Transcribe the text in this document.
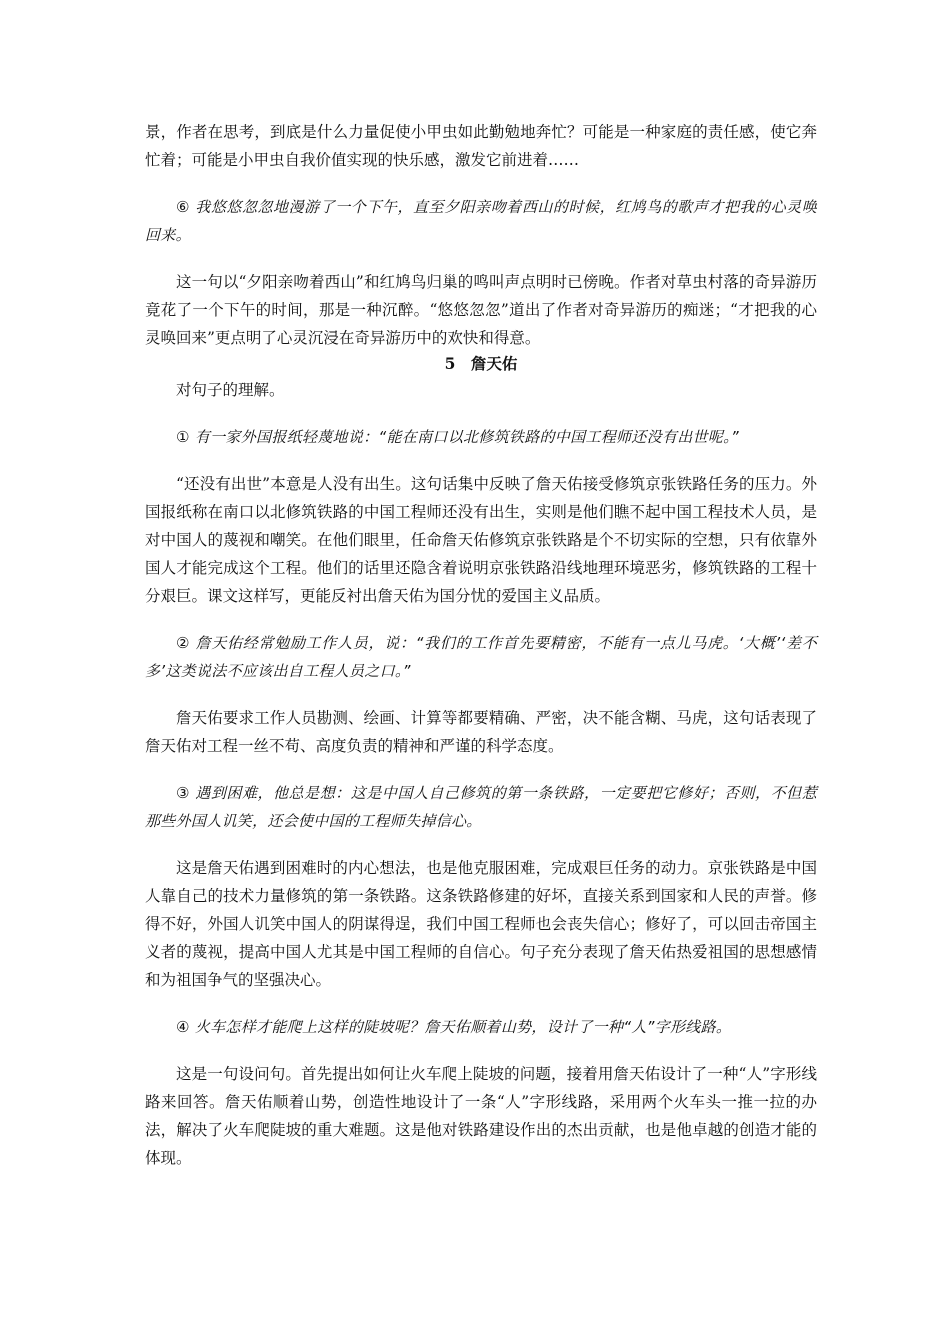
景，作者在思考，到底是什么力量促使小甲虫如此勤勉地奔忙？可能是一种家庭的责任感，使它奔忙着；可能是小甲虫自我价值实现的快乐感，激发它前进着……

⑥ 我悠悠忽忽地漫游了一个下午，直至夕阳亲吻着西山的时候，红鸠鸟的歌声才把我的心灵唤回来。

这一句以“夕阳亲吻着西山”和红鸠鸟归巢的鸣叫声点明时已傍晚。作者对草虫村落的奇异游历竟花了一个下午的时间，那是一种沉醉。“悠悠忽忽”道出了作者对奇异游历的痴迷；“才把我的心灵唤回来”更点明了心灵沉浸在奇异游历中的欢快和得意。

5　詹天佑

对句子的理解。

① 有一家外国报纸轻蔑地说：“能在南口以北修筑铁路的中国工程师还没有出世呢。”

“还没有出世”本意是人没有出生。这句话集中反映了詹天佑接受修筑京张铁路任务的压力。外国报纸称在南口以北修筑铁路的中国工程师还没有出生，实则是他们瞧不起中国工程技术人员，是对中国人的蔑视和嘲笑。在他们眼里，任命詹天佑修筑京张铁路是个不切实际的空想，只有依靠外国人才能完成这个工程。他们的话里还隐含着说明京张铁路沿线地理环境恶劣，修筑铁路的工程十分艰巨。课文这样写，更能反衬出詹天佑为国分忧的爱国主义品质。

② 詹天佑经常勉励工作人员，说：“我们的工作首先要精密，不能有一点儿马虎。‘大概’‘差不多’这类说法不应该出自工程人员之口。”

詹天佑要求工作人员勘测、绘画、计算等都要精确、严密，决不能含糊、马虎，这句话表现了詹天佑对工程一丝不苟、高度负责的精神和严谨的科学态度。

③ 遇到困难，他总是想：这是中国人自己修筑的第一条铁路，一定要把它修好；否则，不但惹那些外国人讥笑，还会使中国的工程师失掉信心。

这是詹天佑遇到困难时的内心想法，也是他克服困难，完成艰巨任务的动力。京张铁路是中国人靠自己的技术力量修筑的第一条铁路。这条铁路修建的好坏，直接关系到国家和人民的声誉。修得不好，外国人讥笑中国人的阴谋得逞，我们中国工程师也会丧失信心；修好了，可以回击帝国主义者的蔑视，提高中国人尤其是中国工程师的自信心。句子充分表现了詹天佑热爱祖国的思想感情和为祖国争气的坚强决心。

④ 火车怎样才能爬上这样的陡坡呢？詹天佑顺着山势，设计了一种“人”字形线路。

这是一句设问句。首先提出如何让火车爬上陡坡的问题，接着用詹天佑设计了一种“人”字形线路来回答。詹天佑顺着山势，创造性地设计了一条“人”字形线路，采用两个火车头一推一拉的办法，解决了火车爬陡坡的重大难题。这是他对铁路建设作出的杰出贡献，也是他卓越的创造才能的体现。
